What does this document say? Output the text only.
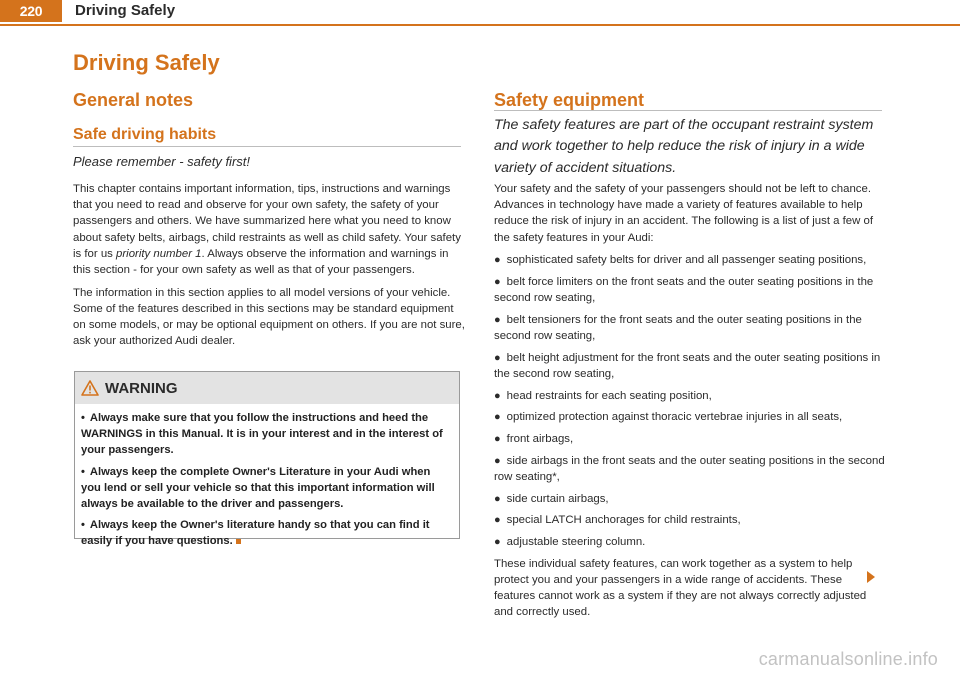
220	Driving Safely
Driving Safely
General notes
Safe driving habits

Please remember - safety first!

This chapter contains important information, tips, instructions and warnings that you need to read and observe for your own safety, the safety of your passengers and others. We have summarized here what you need to know about safety belts, airbags, child restraints as well as child safety. Your safety is for us priority number 1. Always observe the information and warnings in this section - for your own safety as well as that of your passengers.

The information in this section applies to all model versions of your vehicle. Some of the features described in this sections may be standard equipment on some models, or may be optional equipment on others. If you are not sure, ask your authorized Audi dealer.

WARNING

• Always make sure that you follow the instructions and heed the WARNINGS in this Manual. It is in your interest and in the interest of your passengers.

• Always keep the complete Owner's Literature in your Audi when you lend or sell your vehicle so that this important information will always be available to the driver and passengers.

• Always keep the Owner's literature handy so that you can find it easily if you have questions.

Safety equipment

The safety features are part of the occupant restraint system and work together to help reduce the risk of injury in a wide variety of accident situations.

Your safety and the safety of your passengers should not be left to chance. Advances in technology have made a variety of features available to help reduce the risk of injury in an accident. The following is a list of just a few of the safety features in your Audi:

● sophisticated safety belts for driver and all passenger seating positions,
● belt force limiters on the front seats and the outer seating positions in the second row seating,
● belt tensioners for the front seats and the outer seating positions in the second row seating,
● belt height adjustment for the front seats and the outer seating positions in the second row seating,
● head restraints for each seating position,
● optimized protection against thoracic vertebrae injuries in all seats,
● front airbags,
● side airbags in the front seats and the outer seating positions in the second row seating*,
● side curtain airbags,
● special LATCH anchorages for child restraints,
● adjustable steering column.

These individual safety features, can work together as a system to help protect you and your passengers in a wide range of accidents. These features cannot work as a system if they are not always correctly adjusted and correctly used.

carmanualsonline.info
